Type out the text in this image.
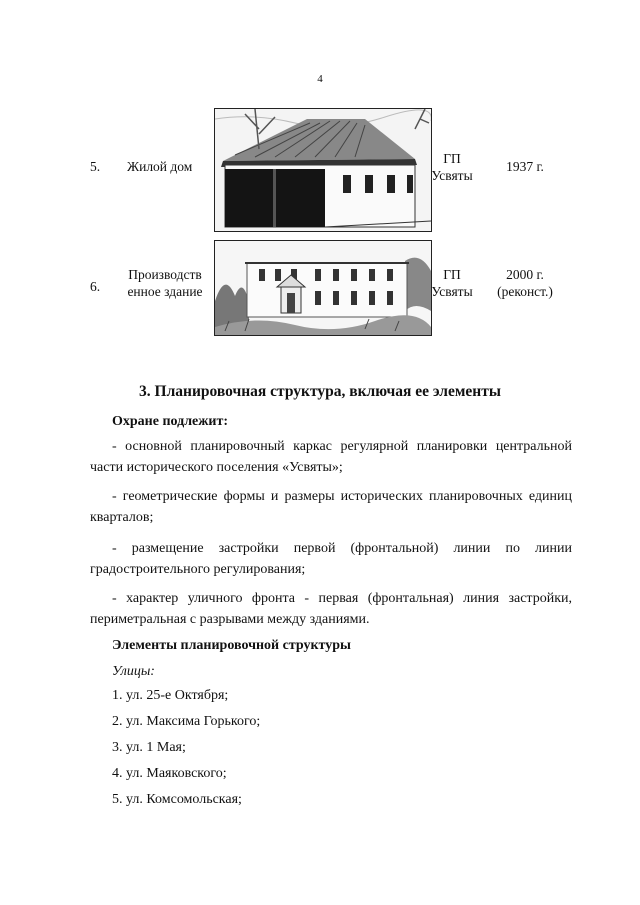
4
5. Жилой дом
ГП
Усвяты
1937 г.
6.
Производств
енное здание
ГП
Усвяты
2000 г.
(реконст.)
3. Планировочная структура, включая ее элементы
Охране подлежит:
- основной планировочный каркас регулярной планировки центральной
части исторического поселения «Усвяты»;
- геометрические формы и размеры исторических планировочных единиц
кварталов;
- размещение застройки первой (фронтальной) линии по линии
градостроительного регулирования;
- характер уличного фронта - первая (фронтальная) линия застройки,
периметральная с разрывами между зданиями.
Элементы планировочной структуры
Улицы:
1. ул. 25-е Октября;
2. ул. Максима Горького;
3. ул. 1 Мая;
4. ул. Маяковского;
5. ул. Комсомольская;
